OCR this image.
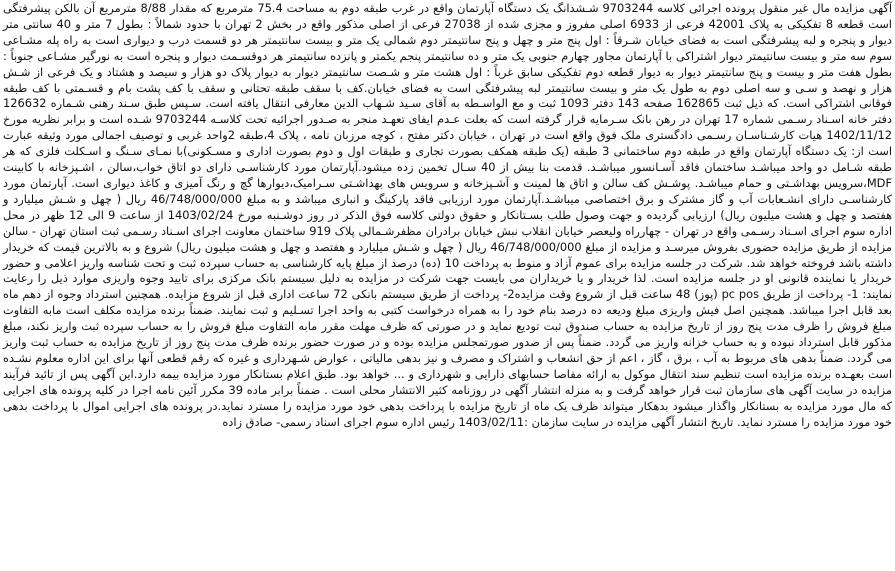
آگهی مزایده مال غیر منقول پرونده اجرائی کلاسه 9703244 شـشدانگ یک دستگاه آپارتمان واقع در غرب طبقه دوم به مساحت 75.4 مترمربع که مقدار 8/88 مترمربع آن بالکن پیشرفتگی است قطعه 8 تفکیکی به پلاک 42001 فرعی از 6933 اصلی مفروز و مجزی شده از 27038 فرعی از اصلی مذکور واقع در بخش 2 تهران با حدود شمالاً : بطول 7 متر و 40 سانتی متر دیوار و پنجره و لبه پیشرفتگی است به فضای خیابان شـرقاً : اول پنج متر و چهل و پنج سانتیمتر دوم شمالی یک متر و بیست سانتیمتر هر دو قسمت درب و دیواری است به راه پله مشـاعی سوم سه متر و بیست سانتیمتر دیوار اشتراکی با آپارتمان مجاور چهارم جنوبی یک متر و ده سانتیمتر پنجم یکمتر و پانزده سانتیمتر هر دوقسـمت دیوار و پنجره است به نورگیر مشـاعی جنوباً : بطول هفت متر و بیست و پنج سانتیمتر دیوار به دیوار قطعه دوم تفکیکی سابق غرباً : اول هشت متر و شـصت سانتیمتر دیوار به دیوار پلاک دو هزار و سیصد و هشتاد و یک فرعی از شـش هزار و نهصد و سـی و سه اصلی دوم به طول یک متر و بیست سانتیمتر لبه پیشرفتگی است به فضای خیابان.کف با سقف طبقه تحتانی و سقف با کف پشت بام و قسـمتی با کف طبقه فوقانی اشتراکی است. که ذیل ثبت 162865 صفحه 143 دفتر 1093 ثبت و مع الواسـطه به آقای سـید شـهاب الدین معارفی انتقال یافته است. سـپس طبق سـند رهنی شـماره 126632 دفتر خانه اسـناد رسـمی شماره 17 تهران در رهن بانک سـرمایه قرار گرفته است که بعلت عـدم ایفای تعهـد منجر به صـدور اجرائیه تحت کلاسـه 9703244 شـده است و برابر نظریه مورخ 1402/11/12 هیات کارشـناسـان رسـمی دادگستری ملک فوق واقع است در تهران ، خیابان دکتر مفتح ، کوچه مرزبان نامه ، پلاک 4،طبقه 2واحد غربی و توصیف اجمالی مورد وثیقه عبارت است از: یک دستگاه آپارتمان واقع در طبقه دوم ساختمانی 3 طبقه (یک طبقه همکف بصورت تجاری و طبقات اول و دوم بصورت اداری و مسـکونی)با نمـای سـنگ و اسـکلت فلزی که هر طبقه شـامل دو واحد میباشـد ساختمان فاقد آسـانسور میباشـد. قدمت بنا بیش از 40 سـال تخمین زده میشود.آپارتمان مورد کارشناسـی دارای دو اتاق خواب،سالن ، اشـپزخانه با کابینت MDF،سرویس بهداشـتی و حمام میباشـد. پوشـش کف سالن و اتاق ها لمینت و آشـپزخانه و سرویس های بهداشـتی سـرامیک،دیوارها گچ و رنگ آمیزی و کاغذ دیواری است. آپارتمان مورد کارشناسـی دارای انشـعابات آب و گاز مشترک و برق اختصاصی میباشـد.آپارتمان مورد ارزیابی فاقد پارکینگ و انباری میباشد و به مبلغ 46/748/000/000 ریال ( چهل و شـش میلیارد و هفتصد و چهل و هشت میلیون ریال) ارزیابی گردیده و جهت وصول طلب بسـتانکار و حقوق دولتی کلاسه فوق الذکر در روز دوشـنبه مورخ 1403/02/24 از ساعت 9 الی 12 ظهر در محل اداره سوم اجرای اسـناد رسـمی واقع در تهران - چهارراه ولیعصر خیابان انقلاب نبش خیابان برادران مظفرشـمالی پلاک 919 ساختمان معاونت اجرای اسـناد رسـمی ثبت استان تهران - سالن مزایده از طریق مزایده حضوری بفروش میرسـد و مزایده از مبلغ 46/748/000/000 ریال ( چهل و شـش میلیارد و هفتصد و چهل و هشت میلیون ریال) شروع و به بالاترین قیمت که خریدار داشته باشد فروخته خواهد شد. شرکت در جلسه مزایده برای عموم آزاد و منوط به پرداخت 10 (ده) درصد از مبلغ پایه کارشناسی به حساب سپرده ثبت و تحت شناسه واریز اعلامی و حضور خریدار یا نماینده قانونی او در جلسه مزایده است. لذا خریدار و یا خریداران می بایست جهت شرکت در مزایده به دلیل سیستم بانک مرکزی برای تایید وجوه واریزی موارد ذیل را رعایت نمایند: 1- پرداخت از طریق pc pos (پوز) 48 ساعت قبل از شروع وقت مزایده2- پرداخت از طریق سیستم بانکی 72 ساعت اداری قبل از شروع مزایده. همچنین استرداد وجوه از دهم ماه بعد قابل اجرا میباشد. همچنین اصل فیش واریزی مبلغ ودیعه ده درصد بنام خود را به همراه درخواست کتبی به واحد اجرا تسـلیم و ثبت نمایند. ضمناً برنده مزایده مکلف است مابه التفاوت مبلغ فروش را ظرف مدت پنج روز از تاریخ مزایده به حساب صندوق ثبت تودیع نماید و در صورتی که ظرف مهلت مقرر مابه التفاوت مبلغ فروش را به حساب سپرده ثبت واریز نکند، مبلغ مذکور قابل استرداد نبوده و به حساب خزانه واریز می گردد. ضمناً پس از صدور صورتمجلس مزایده بوده و در صورت حضور برنده ظرف مدت پنج روز از تاریخ مزایده به حساب ثبت واریز می گردد. ضمناً بدهی های مربوط به آب ، برق ، گاز ، اعم از حق انشعاب و اشتراک و مصرف و نیز بدهی مالیاتی ، عوارض شـهرداری و غیره که رقم قطعی آنها برای این اداره معلوم نشـده است بعهـده برنده مزایده است تنظیم سند انتقال موکول به ارائه مفاصا حسابهای دارایی و شهرداری و ... خواهد بود. طبق اعلام بستانکار مورد مزایده بیمه دارد.این آگهی پس از تائید فرآیند مزایده در سایت آگهی های سازمان ثبت قرار خواهد گرفت و به منزله انتشار آگهی در روزنامه کثیر الانتشار محلی است . ضمناً برابر ماده 39 مکرر آئین نامه اجرا در کلیه پرونده های اجرایی که مال مورد مزایده به بستانکار واگذار میشود بدهکار میتواند ظرف یک ماه از تاریخ مزایده با پرداخت بدهی خود مورد مزایده را مسترد نماید.در پرونده های اجرایی اموال با پرداخت بدهی خود مورد مزایده را مسترد نماید. تاریخ انتشار آگهی مزایده در سایت سازمان :1403/02/11 رئیس اداره سوم اجرای اسناد رسمی- صادق زاده
